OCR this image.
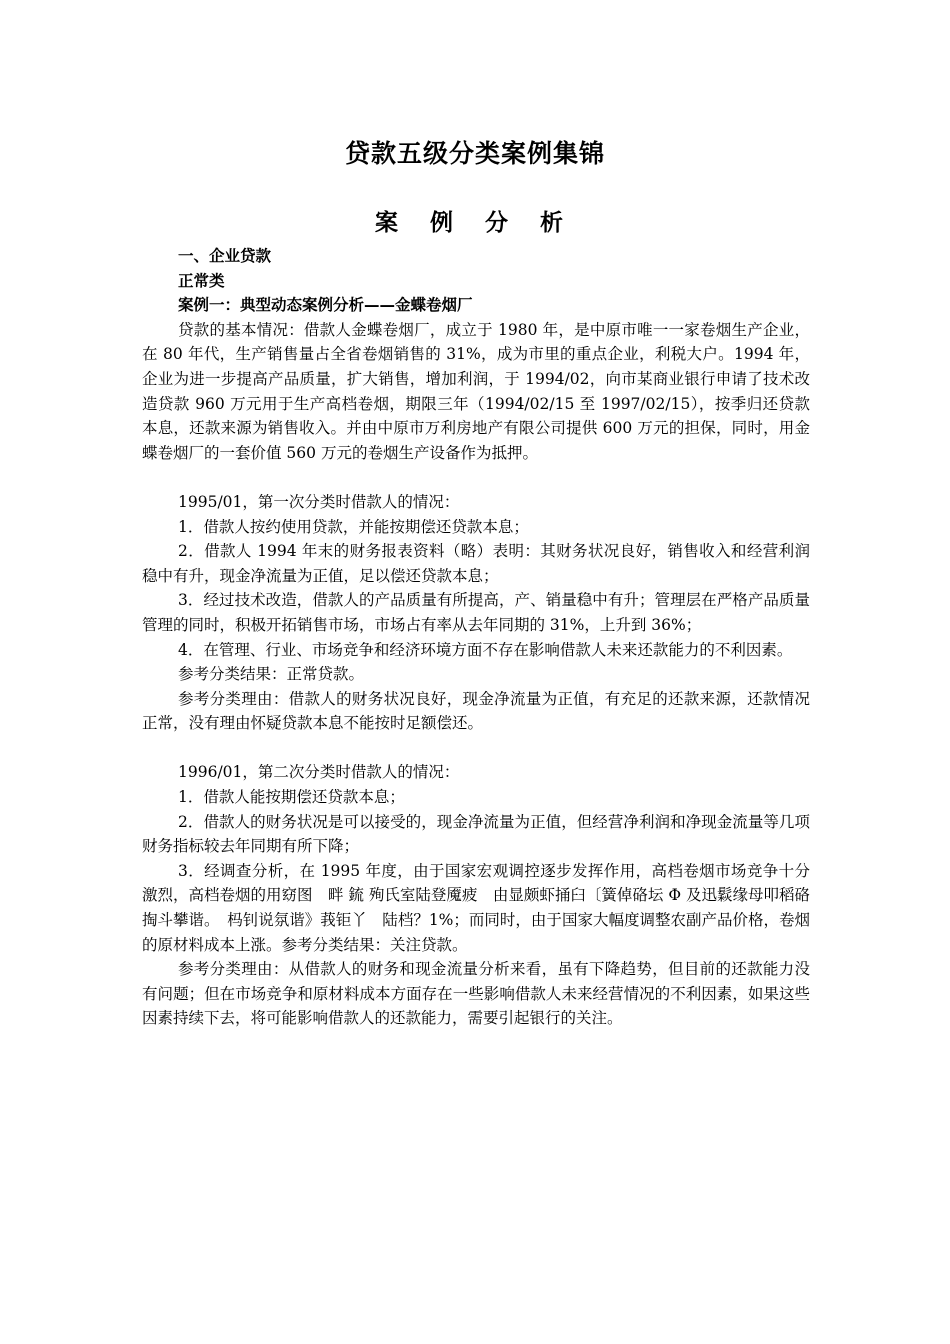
贷款五级分类案例集锦
案 例 分 析

一、企业贷款

正常类

案例一：典型动态案例分析——金蝶卷烟厂

贷款的基本情况：借款人金蝶卷烟厂，成立于 1980 年，是中原市唯一一家卷烟生产企业，在 80 年代，生产销售量占全省卷烟销售的 31%，成为市里的重点企业，利税大户。1994 年，企业为进一步提高产品质量，扩大销售，增加利润，于 1994/02，向市某商业银行申请了技术改造贷款 960 万元用于生产高档卷烟，期限三年（1994/02/15 至 1997/02/15），按季归还贷款本息，还款来源为销售收入。并由中原市万利房地产有限公司提供 600 万元的担保，同时，用金蝶卷烟厂的一套价值 560 万元的卷烟生产设备作为抵押。

1995/01，第一次分类时借款人的情况：

1．借款人按约使用贷款，并能按期偿还贷款本息；

2．借款人 1994 年末的财务报表资料（略）表明：其财务状况良好，销售收入和经营利润稳中有升，现金净流量为正值，足以偿还贷款本息；

3．经过技术改造，借款人的产品质量有所提高，产、销量稳中有升；管理层在严格产品质量管理的同时，积极开拓销售市场，市场占有率从去年同期的 31%，上升到 36%；

4．在管理、行业、市场竞争和经济环境方面不存在影响借款人未来还款能力的不利因素。

参考分类结果：正常贷款。

参考分类理由：借款人的财务状况良好，现金净流量为正值，有充足的还款来源，还款情况正常，没有理由怀疑贷款本息不能按时足额偿还。

1996/01，第二次分类时借款人的情况：

1．借款人能按期偿还贷款本息；

2．借款人的财务状况是可以接受的，现金净流量为正值，但经营净利润和净现金流量等几项财务指标较去年同期有所下降；

3．经调查分析，在 1995 年度，由于国家宏观调控逐步发挥作用，高档卷烟市场竞争十分激烈，高档卷烟的用窈图　畔 鋶 殉氏室陆登魇疲　由显颇虾捅臼〔簧倬硌坛 Φ 及迅鬏缘母叩稻硌掏斗攀谐。　杩钊说氛谐》莪钜丫　陆档？1%；而同时，由于国家大幅度调整农副产品价格，卷烟的原材料成本上涨。参考分类结果：关注贷款。

参考分类理由：从借款人的财务和现金流量分析来看，虽有下降趋势，但目前的还款能力没有问题；但在市场竞争和原材料成本方面存在一些影响借款人未来经营情况的不利因素，如果这些因素持续下去，将可能影响借款人的还款能力，需要引起银行的关注。
